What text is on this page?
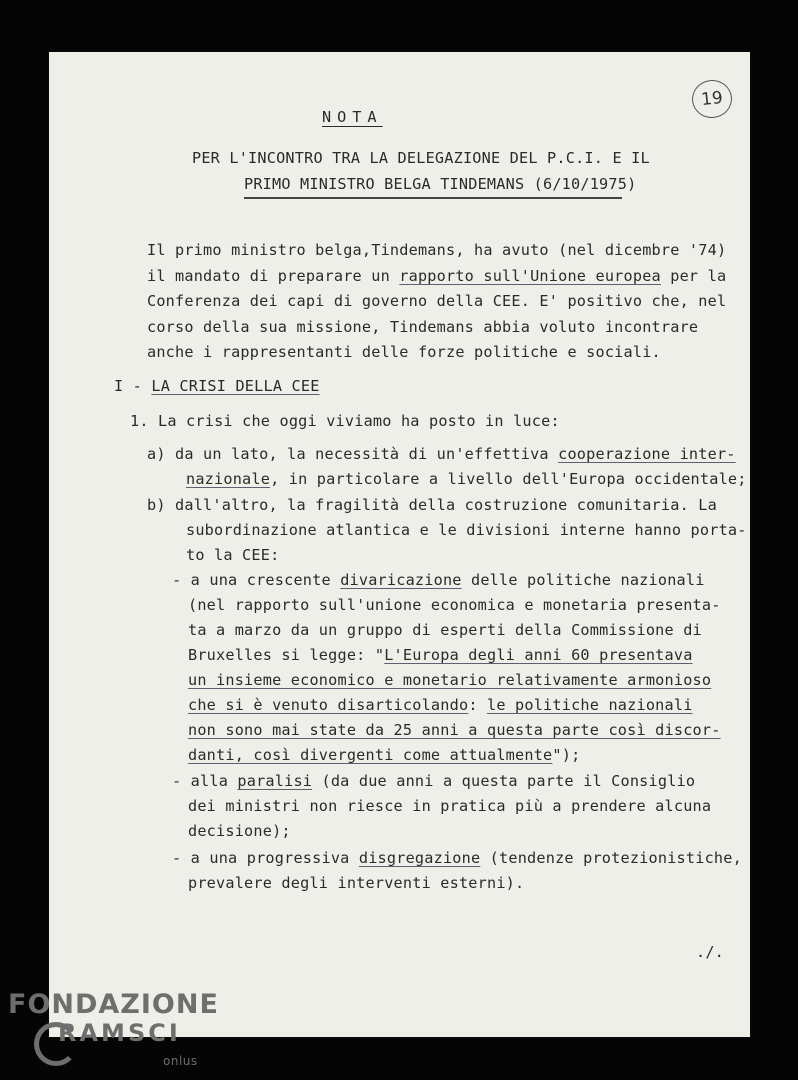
19
NOTA
PER L'INCONTRO TRA LA DELEGAZIONE DEL P.C.I. E IL
PRIMO MINISTRO BELGA TINDEMANS (6/10/1975)
Il primo ministro belga,Tindemans, ha avuto (nel dicembre '74)
il mandato di preparare un rapporto sull'Unione europea per la
Conferenza dei capi di governo della CEE. E' positivo che, nel
corso della sua missione, Tindemans abbia voluto incontrare
anche i rappresentanti delle forze politiche e sociali.
I - LA CRISI DELLA CEE
1. La crisi che oggi viviamo ha posto in luce:
a) da un lato, la necessità di un'effettiva cooperazione inter-
nazionale, in particolare a livello dell'Europa occidentale;
b) dall'altro, la fragilità della costruzione comunitaria. La
subordinazione atlantica e le divisioni interne hanno porta-
to la CEE:
- a una crescente divaricazione delle politiche nazionali
(nel rapporto sull'unione economica e monetaria presenta-
ta a marzo da un gruppo di esperti della Commissione di
Bruxelles si legge: "L'Europa degli anni 60 presentava
un insieme economico e monetario relativamente armonioso
che si è venuto disarticolando: le politiche nazionali
non sono mai state da 25 anni a questa parte così discor-
danti, così divergenti come attualmente");
- alla paralisi (da due anni a questa parte il Consiglio
dei ministri non riesce in pratica più a prendere alcuna
decisione);
- a una progressiva disgregazione (tendenze protezionistiche,
prevalere degli interventi esterni).
./.
FONDAZIONE
RAMSCI
onlus
